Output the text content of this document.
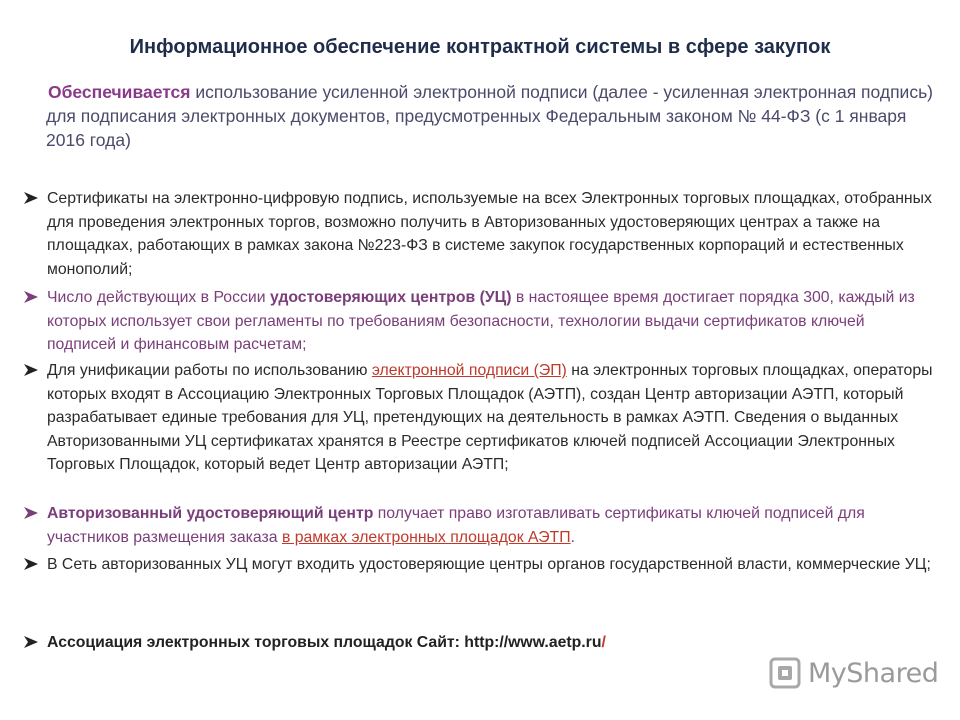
Информационное обеспечение контрактной системы в сфере закупок
Обеспечивается использование усиленной электронной подписи (далее - усиленная электронная подпись) для подписания электронных документов, предусмотренных Федеральным законом № 44-ФЗ (с 1 января 2016 года)
Сертификаты на электронно-цифровую подпись, используемые на всех Электронных торговых площадках, отобранных для проведения электронных торгов, возможно получить в Авторизованных удостоверяющих центрах а также на площадках, работающих в рамках закона №223-ФЗ в системе закупок государственных корпораций и естественных монополий;
Число действующих в России удостоверяющих центров (УЦ) в настоящее время достигает порядка 300, каждый из которых использует свои регламенты по требованиям безопасности, технологии выдачи сертификатов ключей подписей и финансовым расчетам;
Для унификации работы по использованию электронной подписи (ЭП) на электронных торговых площадках, операторы которых входят в Ассоциацию Электронных Торговых Площадок (АЭТП), создан Центр авторизации АЭТП, который разрабатывает единые требования для УЦ, претендующих на деятельность в рамках АЭТП. Сведения о выданных Авторизованными УЦ сертификатах хранятся в Реестре сертификатов ключей подписей Ассоциации Электронных Торговых Площадок, который ведет Центр авторизации АЭТП;
Авторизованный удостоверяющий центр получает право изготавливать сертификаты ключей подписей для участников размещения заказа в рамках электронных площадок АЭТП.
В Сеть авторизованных УЦ могут входить удостоверяющие центры органов государственной власти, коммерческие УЦ;
Ассоциация электронных торговых площадок Сайт: http://www.aetp.ru/
MyShared
